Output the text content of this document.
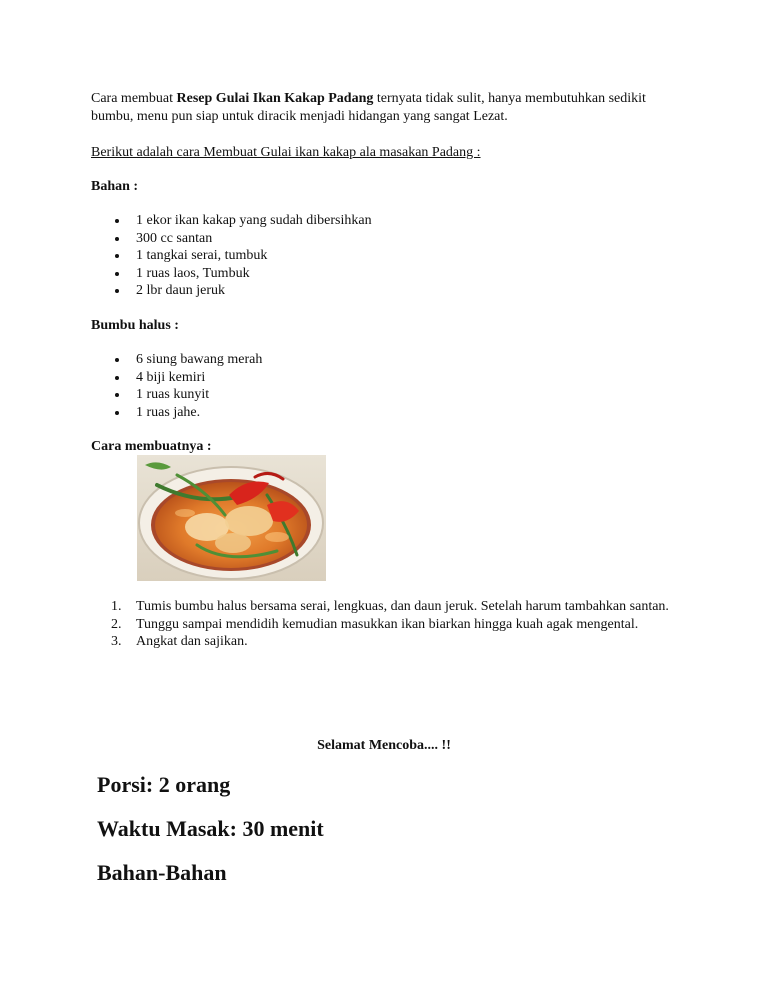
Cara membuat Resep Gulai Ikan Kakap Padang ternyata tidak sulit, hanya membutuhkan sedikit bumbu, menu pun siap untuk diracik menjadi hidangan yang sangat Lezat.

Berikut adalah cara Membuat Gulai ikan kakap ala masakan Padang :
Bahan :
1 ekor ikan kakap yang sudah dibersihkan
300 cc santan
1 tangkai serai, tumbuk
1 ruas laos, Tumbuk
2 lbr daun jeruk
Bumbu halus :
6 siung bawang merah
4 biji kemiri
1 ruas kunyit
1 ruas jahe.
Cara membuatnya :
1. Tumis bumbu halus bersama serai, lengkuas, dan daun jeruk. Setelah harum tambahkan santan.
2. Tunggu sampai mendidih kemudian masukkan ikan biarkan hingga kuah agak mengental.
3. Angkat dan sajikan.
Selamat Mencoba.... !!
Porsi: 2 orang
Waktu Masak: 30 menit
Bahan-Bahan
